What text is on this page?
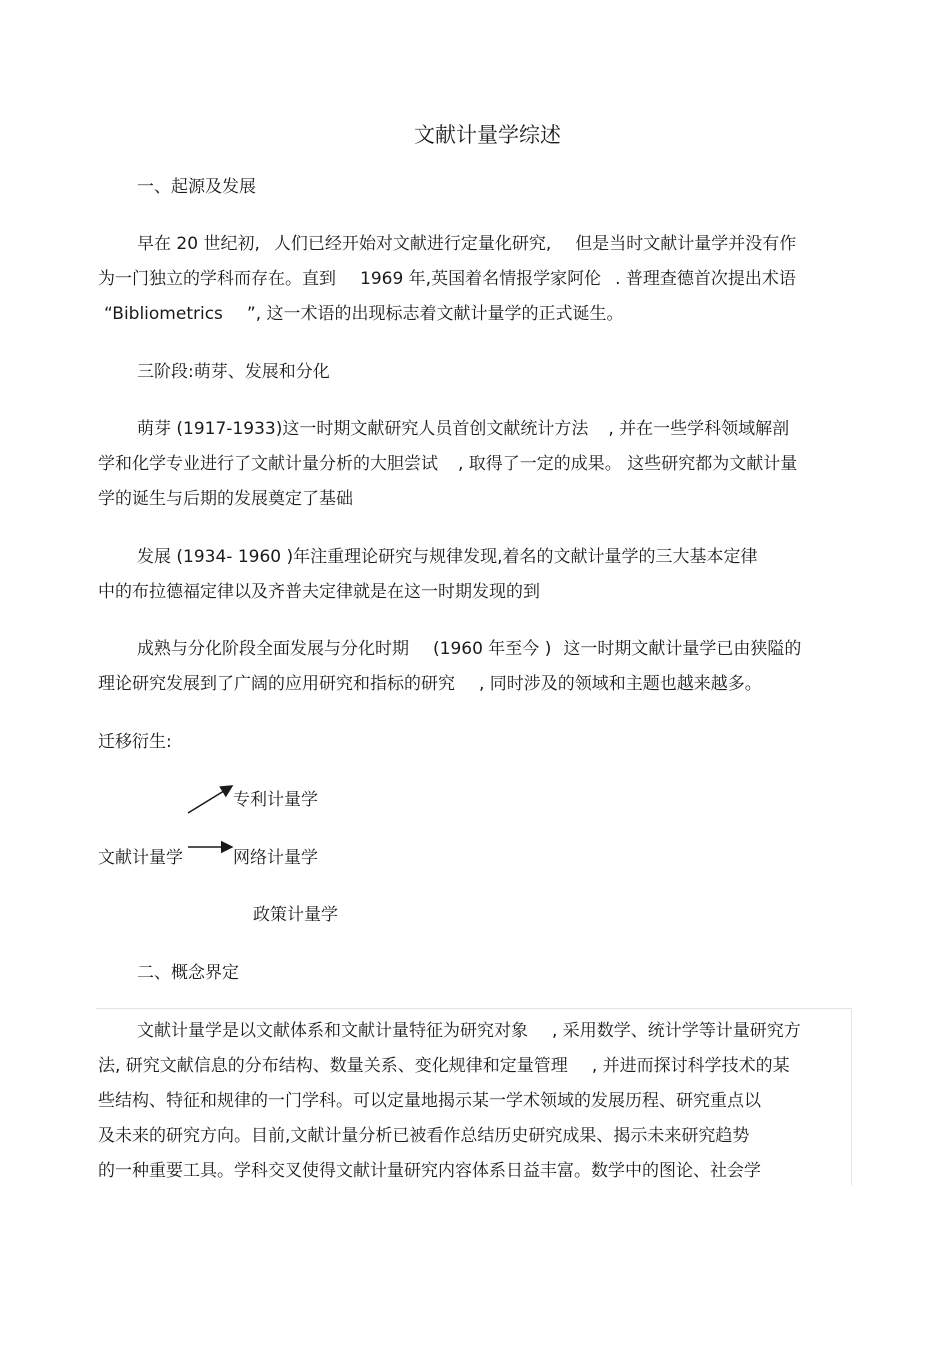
文献计量学综述
一、起源及发展
早在 20 世纪初, 人们已经开始对文献进行定量化研究, 但是当时文献计量学并没有作
为一门独立的学科而存在。直到 1969 年,英国着名情报学家阿伦 . 普理查德首次提出术语
“Bibliometrics ”, 这一术语的出现标志着文献计量学的正式诞生。
三阶段:萌芽、发展和分化
萌芽 (1917-1933)这一时期文献研究人员首创文献统计方法 , 并在一些学科领域解剖
学和化学专业进行了文献计量分析的大胆尝试 , 取得了一定的成果。 这些研究都为文献计量
学的诞生与后期的发展奠定了基础
发展 (1934- 1960 )年注重理论研究与规律发现,着名的文献计量学的三大基本定律
中的布拉德福定律以及齐普夫定律就是在这一时期发现的到
成熟与分化阶段全面发展与分化时期 (1960 年至今 ) 这一时期文献计量学已由狭隘的
理论研究发展到了广阔的应用研究和指标的研究 , 同时涉及的领域和主题也越来越多。
迁移衍生:
专利计量学
文献计量学	网络计量学
政策计量学
二、概念界定
文献计量学是以文献体系和文献计量特征为研究对象 , 采用数学、统计学等计量研究方
法, 研究文献信息的分布结构、数量关系、变化规律和定量管理 , 并进而探讨科学技术的某
些结构、特征和规律的一门学科。可以定量地揭示某一学术领域的发展历程、研究重点以
及未来的研究方向。目前,文献计量分析已被看作总结历史研究成果、揭示未来研究趋势
的一种重要工具。学科交叉使得文献计量研究内容体系日益丰富。数学中的图论、社会学
